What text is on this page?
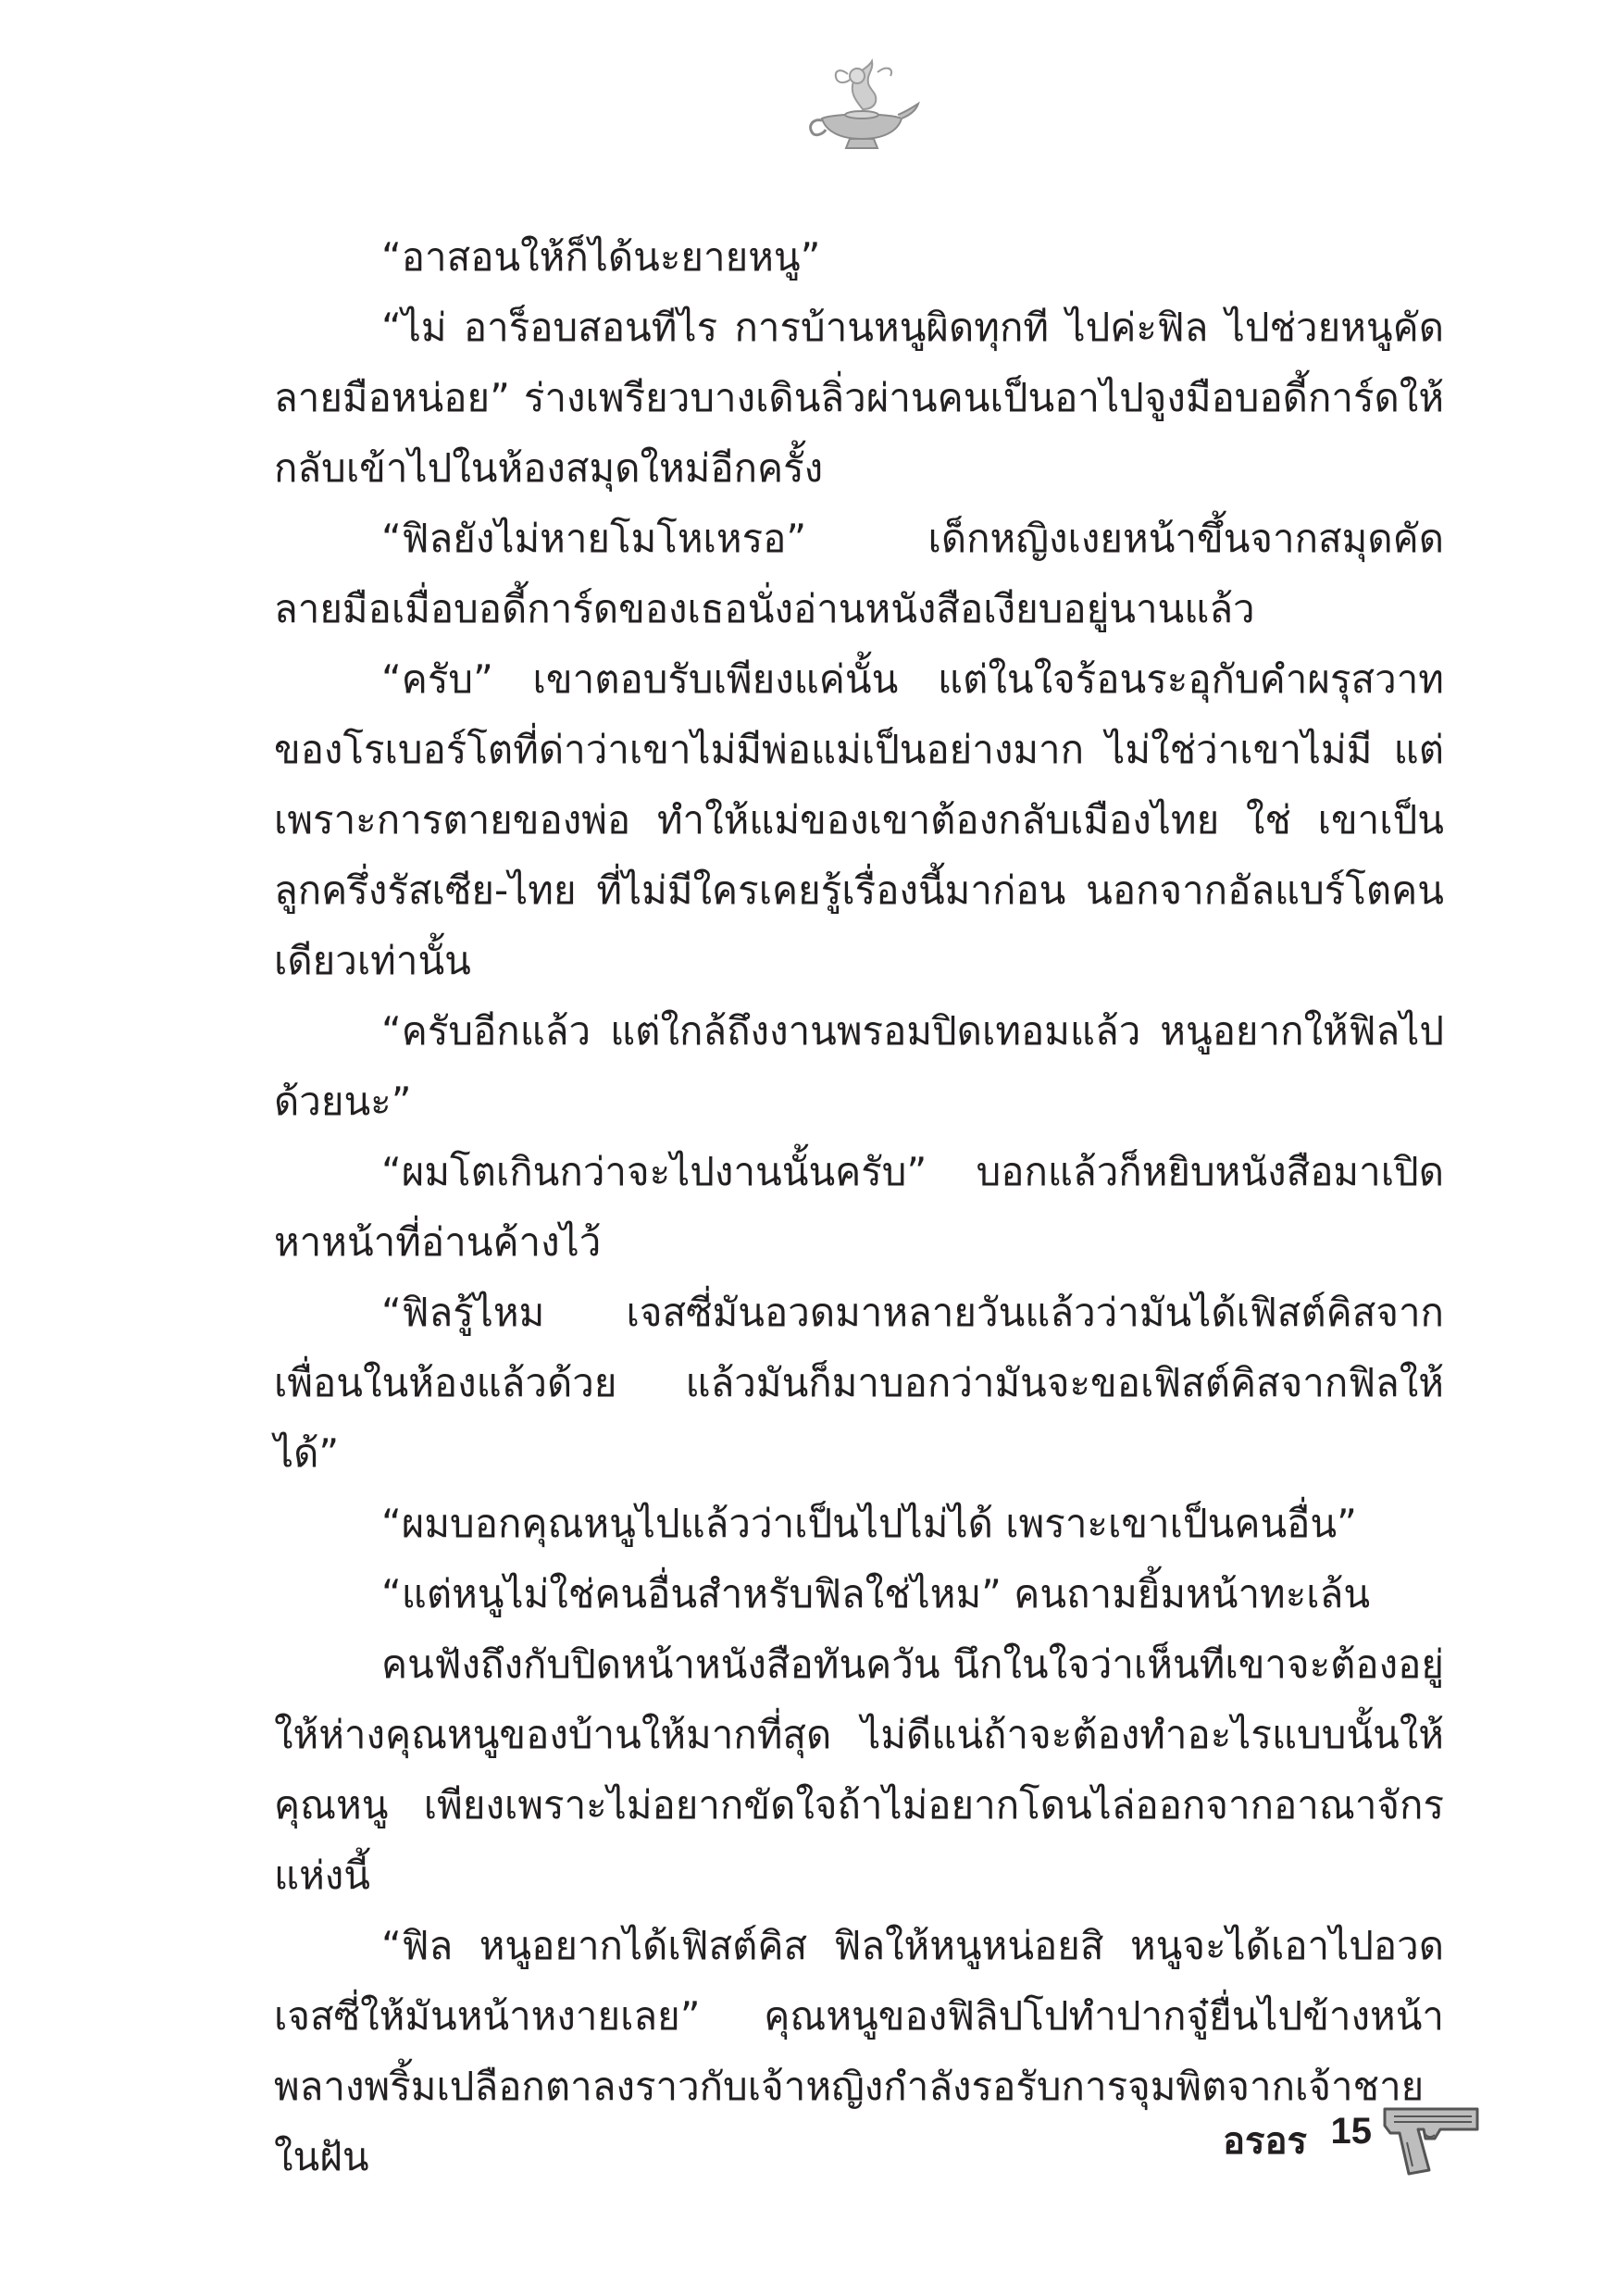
“อาสอนให้ก็ได้นะยายหนู”

“ไม่ อาร็อบสอนทีไร การบ้านหนูผิดทุกที ไปค่ะฟิล ไปช่วยหนูคัดลายมือหน่อย” ร่างเพรียวบางเดินลิ่วผ่านคนเป็นอาไปจูงมือบอดี้การ์ดให้กลับเข้าไปในห้องสมุดใหม่อีกครั้ง

“ฟิลยังไม่หายโมโหเหรอ” เด็กหญิงเงยหน้าขึ้นจากสมุดคัดลายมือเมื่อบอดี้การ์ดของเธอนั่งอ่านหนังสือเงียบอยู่นานแล้ว

“ครับ” เขาตอบรับเพียงแค่นั้น แต่ในใจร้อนระอุกับคำผรุสวาทของโรเบอร์โตที่ด่าว่าเขาไม่มีพ่อแม่เป็นอย่างมาก ไม่ใช่ว่าเขาไม่มี แต่เพราะการตายของพ่อ ทำให้แม่ของเขาต้องกลับเมืองไทย ใช่ เขาเป็นลูกครึ่งรัสเซีย-ไทย ที่ไม่มีใครเคยรู้เรื่องนี้มาก่อน นอกจากอัลแบร์โตคนเดียวเท่านั้น

“ครับอีกแล้ว แต่ใกล้ถึงงานพรอมปิดเทอมแล้ว หนูอยากให้ฟิลไปด้วยนะ”

“ผมโตเกินกว่าจะไปงานนั้นครับ” บอกแล้วก็หยิบหนังสือมาเปิดหาหน้าที่อ่านค้างไว้

“ฟิลรู้ไหม เจสซี่มันอวดมาหลายวันแล้วว่ามันได้เฟิสต์คิสจากเพื่อนในห้องแล้วด้วย แล้วมันก็มาบอกว่ามันจะขอเฟิสต์คิสจากฟิลให้ได้”

“ผมบอกคุณหนูไปแล้วว่าเป็นไปไม่ได้ เพราะเขาเป็นคนอื่น”

“แต่หนูไม่ใช่คนอื่นสำหรับฟิลใช่ไหม” คนถามยิ้มหน้าทะเล้น

คนฟังถึงกับปิดหน้าหนังสือทันควัน นึกในใจว่าเห็นทีเขาจะต้องอยู่ให้ห่างคุณหนูของบ้านให้มากที่สุด ไม่ดีแน่ถ้าจะต้องทำอะไรแบบนั้นให้คุณหนู เพียงเพราะไม่อยากขัดใจถ้าไม่อยากโดนไล่ออกจากอาณาจักรแห่งนี้

“ฟิล หนูอยากได้เฟิสต์คิส ฟิลให้หนูหน่อยสิ หนูจะได้เอาไปอวดเจสซี่ให้มันหน้าหงายเลย” คุณหนูของฟิลิปโปทำปากจู๋ยื่นไปข้างหน้า พลางพริ้มเปลือกตาลงราวกับเจ้าหญิงกำลังรอรับการจุมพิตจากเจ้าชายในฝัน	อรอร 15
